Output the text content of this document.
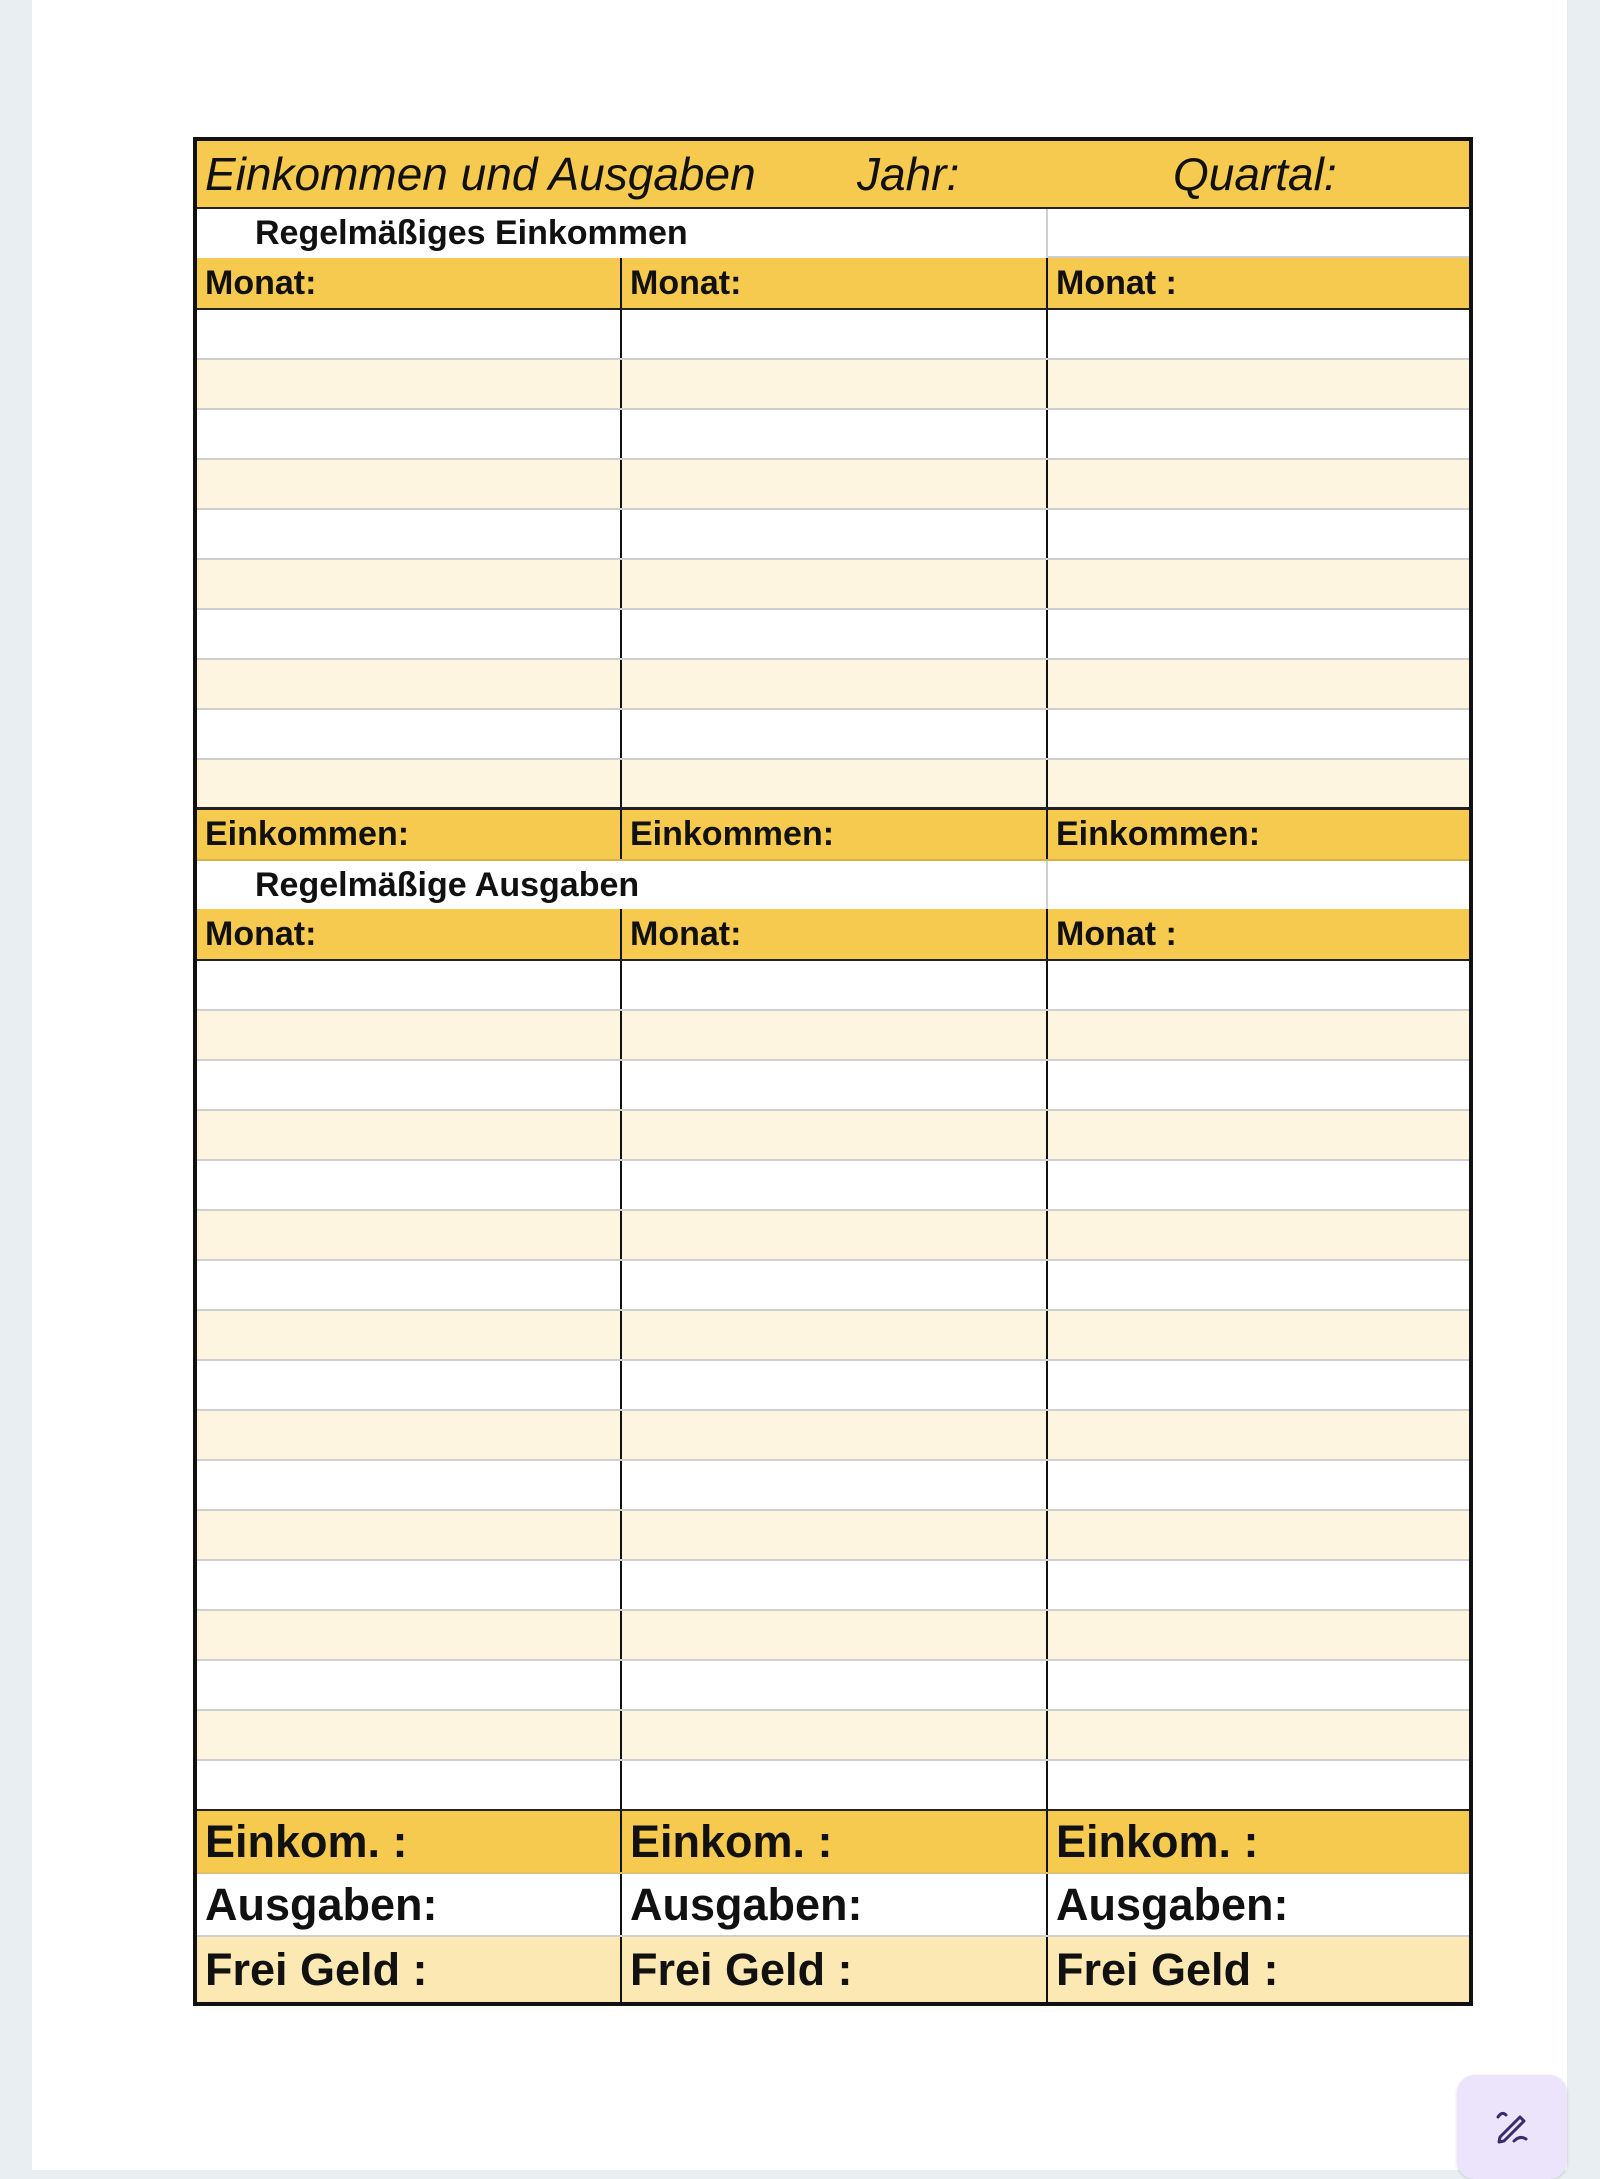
Einkommen und Ausgaben	Jahr:	Quartal:
Regelmäßiges Einkommen
Monat:	Monat:	Monat :
Einkommen:	Einkommen:	Einkommen:
Regelmäßige Ausgaben
Monat:	Monat:	Monat :
Einkom. :	Einkom. :	Einkom. :
Ausgaben:	Ausgaben:	Ausgaben:
Frei Geld :	Frei Geld :	Frei Geld :
